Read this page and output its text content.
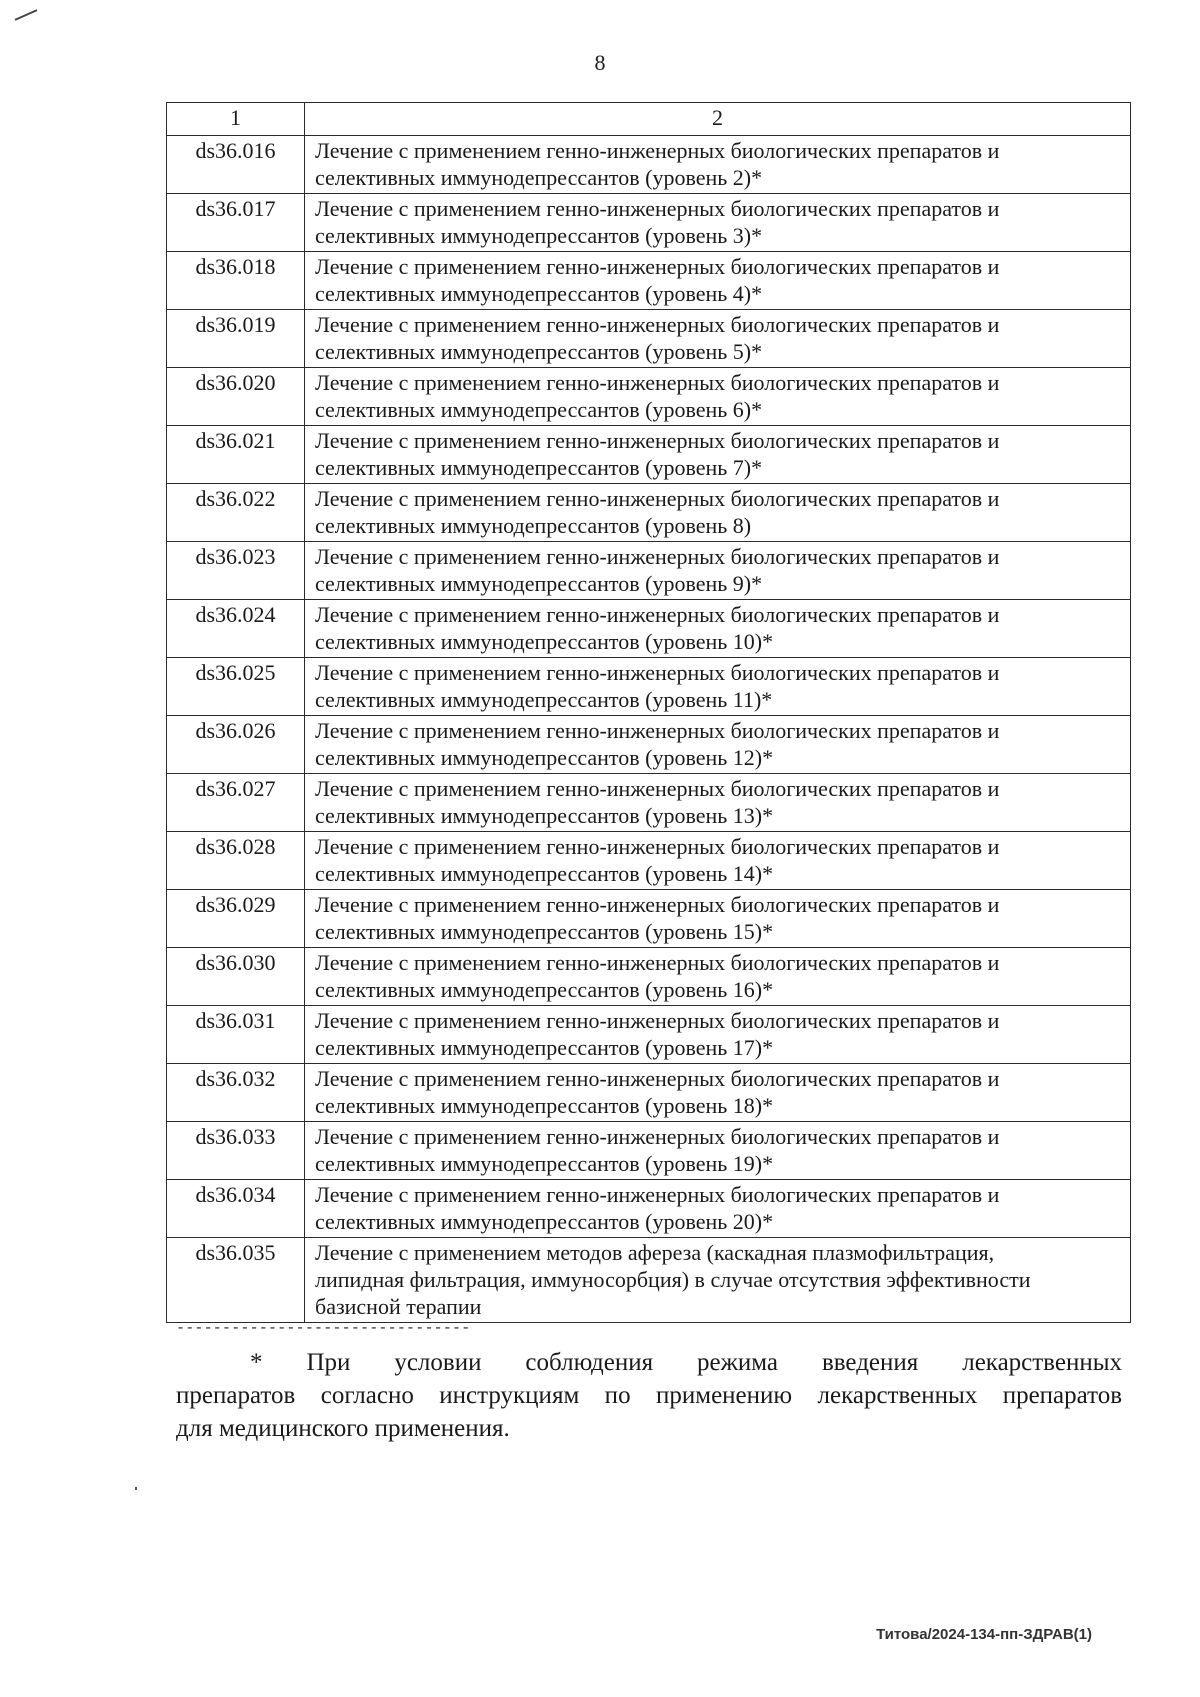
8
1	2
ds36.016	Лечение с применением генно-инженерных биологических препаратов и
селективных иммунодепрессантов (уровень 2)*

ds36.017	Лечение с применением генно-инженерных биологических препаратов и
селективных иммунодепрессантов (уровень 3)*

ds36.018	Лечение с применением генно-инженерных биологических препаратов и
селективных иммунодепрессантов (уровень 4)*

ds36.019	Лечение с применением генно-инженерных биологических препаратов и
селективных иммунодепрессантов (уровень 5)*

ds36.020	Лечение с применением генно-инженерных биологических препаратов и
селективных иммунодепрессантов (уровень 6)*

ds36.021	Лечение с применением генно-инженерных биологических препаратов и
селективных иммунодепрессантов (уровень 7)*

ds36.022	Лечение с применением генно-инженерных биологических препаратов и
селективных иммунодепрессантов (уровень 8)

ds36.023	Лечение с применением генно-инженерных биологических препаратов и
селективных иммунодепрессантов (уровень 9)*

ds36.024	Лечение с применением генно-инженерных биологических препаратов и
селективных иммунодепрессантов (уровень 10)*

ds36.025	Лечение с применением генно-инженерных биологических препаратов и
селективных иммунодепрессантов (уровень 11)*

ds36.026	Лечение с применением генно-инженерных биологических препаратов и
селективных иммунодепрессантов (уровень 12)*

ds36.027	Лечение с применением генно-инженерных биологических препаратов и
селективных иммунодепрессантов (уровень 13)*

ds36.028	Лечение с применением генно-инженерных биологических препаратов и
селективных иммунодепрессантов (уровень 14)*

ds36.029	Лечение с применением генно-инженерных биологических препаратов и
селективных иммунодепрессантов (уровень 15)*

ds36.030	Лечение с применением генно-инженерных биологических препаратов и
селективных иммунодепрессантов (уровень 16)*

ds36.031	Лечение с применением генно-инженерных биологических препаратов и
селективных иммунодепрессантов (уровень 17)*

ds36.032	Лечение с применением генно-инженерных биологических препаратов и
селективных иммунодепрессантов (уровень 18)*

ds36.033	Лечение с применением генно-инженерных биологических препаратов и
селективных иммунодепрессантов (уровень 19)*

ds36.034	Лечение с применением генно-инженерных биологических препаратов и
селективных иммунодепрессантов (уровень 20)*

ds36.035	Лечение с применением методов афереза (каскадная плазмофильтрация,
липидная фильтрация, иммуносорбция) в случае отсутствия эффективности
базисной терапии
--------------------------------
* При условии соблюдения режима введения лекарственных
препаратов согласно инструкциям по применению лекарственных препаратов
для медицинского применения.
Титова/2024-134-пп-ЗДРАВ(1)
